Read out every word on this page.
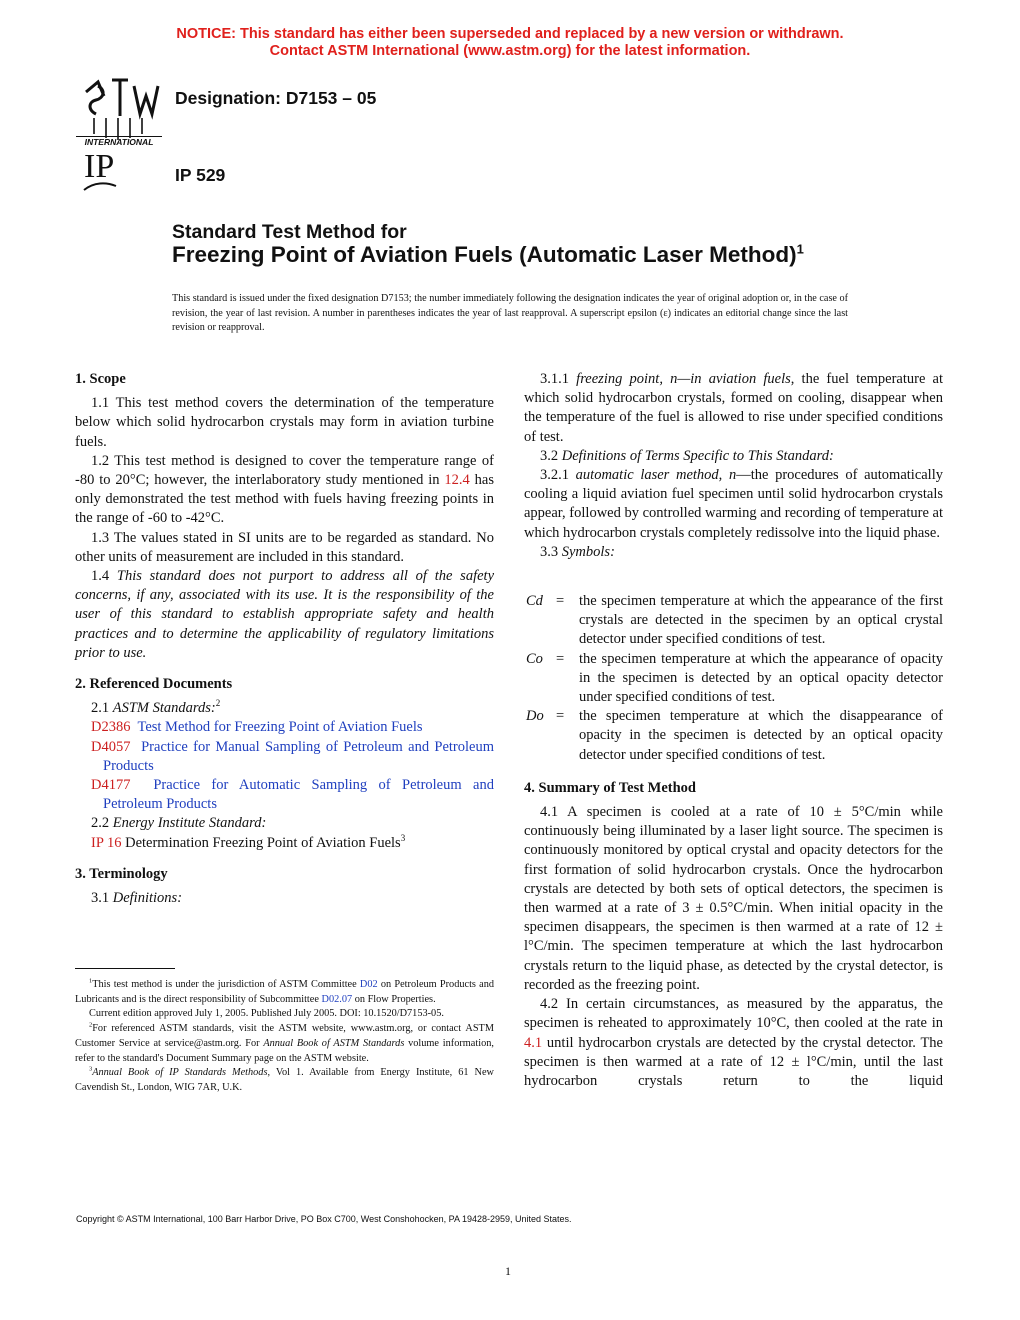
NOTICE: This standard has either been superseded and replaced by a new version or withdrawn.
Contact ASTM International (www.astm.org) for the latest information.
INTERNATIONAL
Designation: D7153 – 05
IP	IP 529
Standard Test Method for
Freezing Point of Aviation Fuels (Automatic Laser Method)$^1$
This standard is issued under the fixed designation D7153; the number immediately following the designation indicates the year of original adoption or, in the case of revision, the year of last revision. A number in parentheses indicates the year of last reapproval. A superscript epsilon (ε) indicates an editorial change since the last revision or reapproval.
1. Scope

1.1 This test method covers the determination of the temperature below which solid hydrocarbon crystals may form in aviation turbine fuels.

1.2 This test method is designed to cover the temperature range of -80 to 20°C; however, the interlaboratory study mentioned in 12.4 has only demonstrated the test method with fuels having freezing points in the range of -60 to -42°C.

1.3 The values stated in SI units are to be regarded as standard. No other units of measurement are included in this standard.

1.4 This standard does not purport to address all of the safety concerns, if any, associated with its use. It is the responsibility of the user of this standard to establish appropriate safety and health practices and to determine the applicability of regulatory limitations prior to use.

2. Referenced Documents

2.1 ASTM Standards:$^2$

D2386 Test Method for Freezing Point of Aviation Fuels

D4057 Practice for Manual Sampling of Petroleum and Petroleum Products

D4177 Practice for Automatic Sampling of Petroleum and Petroleum Products

2.2 Energy Institute Standard:

IP 16 Determination Freezing Point of Aviation Fuels$^3$

3. Terminology

3.1 Definitions:

$^1$This test method is under the jurisdiction of ASTM Committee D02 on Petroleum Products and Lubricants and is the direct responsibility of Subcommittee D02.07 on Flow Properties.

Current edition approved July 1, 2005. Published July 2005. DOI: 10.1520/D7153-05.

$^2$For referenced ASTM standards, visit the ASTM website, www.astm.org, or contact ASTM Customer Service at service@astm.org. For Annual Book of ASTM Standards volume information, refer to the standard's Document Summary page on the ASTM website.

$^3$Annual Book of IP Standards Methods, Vol 1. Available from Energy Institute, 61 New Cavendish St., London, WIG 7AR, U.K.

3.1.1 freezing point, n—in aviation fuels, the fuel temperature at which solid hydrocarbon crystals, formed on cooling, disappear when the temperature of the fuel is allowed to rise under specified conditions of test.

3.2 Definitions of Terms Specific to This Standard:

3.2.1 automatic laser method, n—the procedures of automatically cooling a liquid aviation fuel specimen until solid hydrocarbon crystals appear, followed by controlled warming and recording of temperature at which hydrocarbon crystals completely redissolve into the liquid phase.

3.3 Symbols:

Cd = the specimen temperature at which the appearance of the first crystals are detected in the specimen by an optical crystal detector under specified conditions of test.
Co = the specimen temperature at which the appearance of opacity in the specimen is detected by an optical opacity detector under specified conditions of test.
Do = the specimen temperature at which the disappearance of opacity in the specimen is detected by an optical opacity detector under specified conditions of test.
4. Summary of Test Method

4.1 A specimen is cooled at a rate of 10 ± 5°C/min while continuously being illuminated by a laser light source. The specimen is continuously monitored by optical crystal and opacity detectors for the first formation of solid hydrocarbon crystals. Once the hydrocarbon crystals are detected by both sets of optical detectors, the specimen is then warmed at a rate of 3 ± 0.5°C/min. When initial opacity in the specimen disappears, the specimen is then warmed at a rate of 12 ± l°C/min. The specimen temperature at which the last hydrocarbon crystals return to the liquid phase, as detected by the crystal detector, is recorded as the freezing point.

4.2 In certain circumstances, as measured by the apparatus, the specimen is reheated to approximately 10°C, then cooled at the rate in 4.1 until hydrocarbon crystals are detected by the crystal detector. The specimen is then warmed at a rate of 12 ± l°C/min, until the last hydrocarbon crystals return to the liquid

Copyright © ASTM International, 100 Barr Harbor Drive, PO Box C700, West Conshohocken, PA 19428-2959, United States.
1
